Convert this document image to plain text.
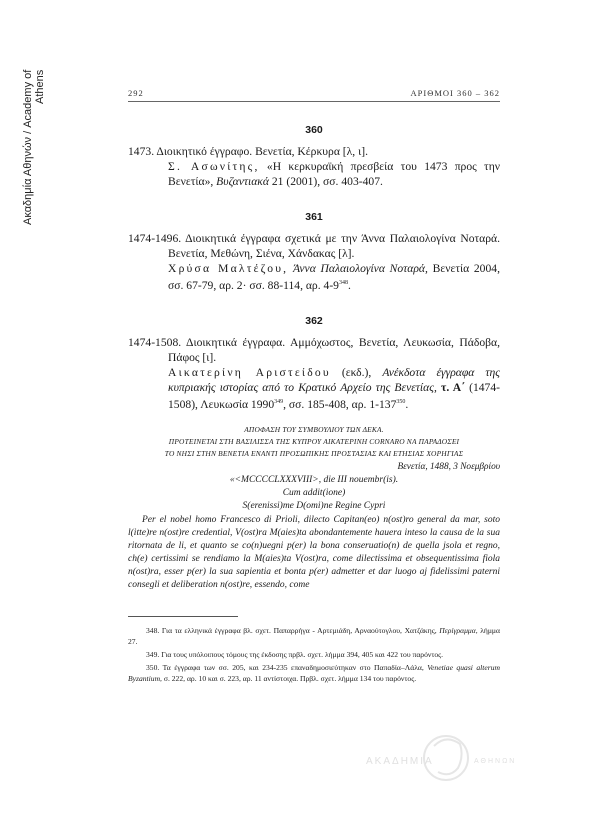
Ακαδημία Αθηνών / Academy of Athens	292	ΑΡΙΘΜΟΙ 360 – 362
360
1473. Διοικητικό έγγραφο. Βενετία, Κέρκυρα [λ, ι].
Σ. Ασωνίτης, «Η κερκυραϊκή πρεσβεία του 1473 προς την Βενετία», Βυζαντιακά 21 (2001), σσ. 403-407.
361
1474-1496. Διοικητικά έγγραφα σχετικά με την Άννα Παλαιολογίνα Νοταρά. Βενετία, Μεθώνη, Σιένα, Χάνδακας [λ].
Χρύσα Μαλτέζου, Άννα Παλαιολογίνα Νοταρά, Βενετία 2004, σσ. 67-79, αρ. 2· σσ. 88-114, αρ. $4-9^{348}$.
362
1474-1508. Διοικητικά έγγραφα. Αμμόχωστος, Βενετία, Λευκωσία, Πάδοβα, Πάφος [ι].
Αικατερίνη Αριστείδου (εκδ.), Ανέκδοτα έγγραφα της κυπριακής ιστορίας από το Κρατικό Αρχείο της Βενετίας, τ. Α΄ (1474-1508), Λευκωσία 1990$^{349}$, σσ. 185-408, αρ. $1-137^{350}$.
ΑΠΟΦΑΣΗ ΤΟΥ ΣΥΜΒΟΥΛΙΟΥ ΤΩΝ ΔΕΚΑ.
ΠΡΟΤΕΙΝΕΤΑΙ ΣΤΗ ΒΑΣΙΛΙΣΣΑ ΤΗΣ ΚΥΠΡΟΥ ΑΙΚΑΤΕΡΙΝΗ CORNARO ΝΑ ΠΑΡΑΔΟΣΕΙ
ΤΟ ΝΗΣΙ ΣΤΗΝ ΒΕΝΕΤΙΑ ΕΝΑΝΤΙ ΠΡΟΣΩΠΙΚΗΣ ΠΡΟΣΤΑΣΙΑΣ ΚΑΙ ΕΤΗΣΙΑΣ ΧΟΡΗΓΙΑΣ
Βενετία, 1488, 3 Νοεμβρίου
«<MCCCCLXXXVIII>, die III nouembr(is).
Cum addit(ione)
S(erenissi)me D(omi)ne Regine Cypri
Per el nobel homo Francesco di Prioli, dilecto Capitan(eo) n(ost)ro general da mar, soto l(itte)re n(ost)re credential, V(ost)ra M(aies)ta abondantemente hauera inteso la causa de la sua ritornata de li, et quanto se co(n)uegni p(er) la bona conseruatio(n) de quella jsola et regno, ch(e) certissimi se rendiamo la M(aies)ta V(ost)ra, come dilectissima et obsequentissima fiola n(ost)ra, esser p(er) la sua sapientia et bonta p(er) admetter et dar luogo aj fidelissimi paterni consegli et deliberation n(ost)re, essendo, come
348. Για τα ελληνικά έγγραφα βλ. σχετ. Παπαρρήγα - Αρτεμιάδη, Αρναούτογλου, Χατζάκης, Περίγραμμα, λήμμα 27.
349. Για τους υπόλοιπους τόμους της έκδοσης πρβλ. σχετ. λήμμα 394, 405 και 422 του παρόντος.
350. Τα έγγραφα των σσ. 205, και 234-235 επαναδημοσιεύτηκαν στο Παπαδία–Λάλα, Venetiae quasi alterum Byzantium, σ. 222, αρ. 10 και σ. 223, αρ. 11 αντίστοιχα. Πρβλ. σχετ. λήμμα 134 του παρόντος.
ΑΚΑΔΗΜΙΑ	ΑΘΗΝΩΝ
